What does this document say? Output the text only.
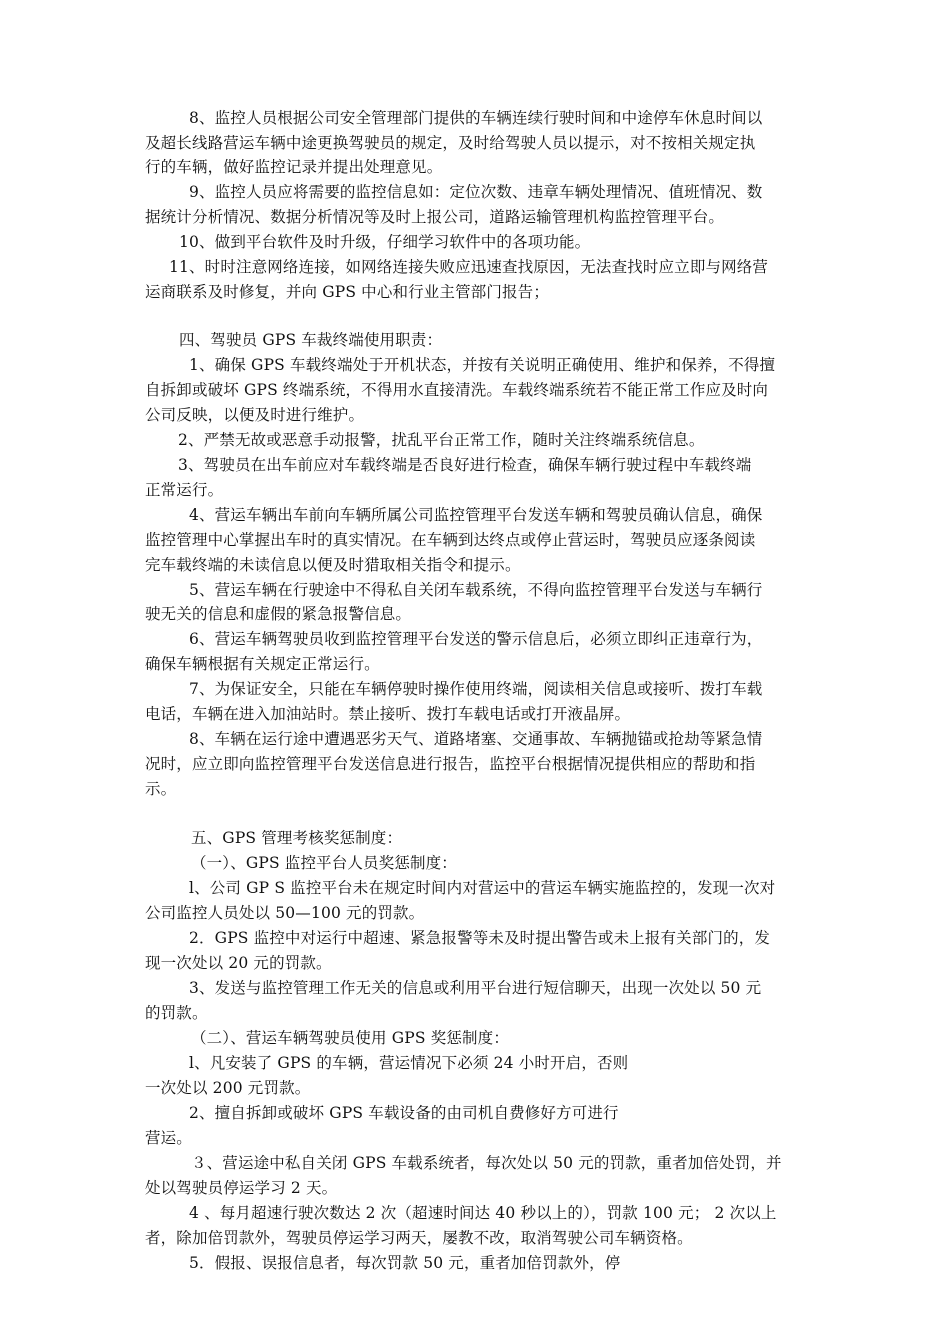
8、监控人员根据公司安全管理部门提供的车辆连续行驶时间和中途停车休息时间以
及超长线路营运车辆中途更换驾驶员的规定，及时给驾驶人员以提示，对不按相关规定执
行的车辆，做好监控记录并提出处理意见。
9、监控人员应将需要的监控信息如：定位次数、违章车辆处理情况、值班情况、数
据统计分析情况、数据分析情况等及时上报公司，道路运输管理机构监控管理平台。
10、做到平台软件及时升级，仔细学习软件中的各项功能。
11、时时注意网络连接，如网络连接失败应迅速查找原因，无法查找时应立即与网络营
运商联系及时修复，并向 GPS 中心和行业主管部门报告；
四、驾驶员 GPS 车裁终端使用职责：
1、确保 GPS 车载终端处于开机状态，并按有关说明正确使用、维护和保养，不得擅
自拆卸或破坏 GPS 终端系统，不得用水直接清洗。车载终端系统若不能正常工作应及时向
公司反映，以便及时进行维护。
2、严禁无故或恶意手动报警，扰乱平台正常工作，随时关注终端系统信息。
3、驾驶员在出车前应对车载终端是否良好进行检查，确保车辆行驶过程中车载终端
正常运行。
4、营运车辆出车前向车辆所属公司监控管理平台发送车辆和驾驶员确认信息，确保
监控管理中心掌握出车时的真实情况。在车辆到达终点或停止营运时，驾驶员应逐条阅读
完车载终端的未读信息以便及时猎取相关指令和提示。
5、营运车辆在行驶途中不得私自关闭车载系统，不得向监控管理平台发送与车辆行
驶无关的信息和虚假的紧急报警信息。
6、营运车辆驾驶员收到监控管理平台发送的警示信息后，必须立即纠正违章行为，
确保车辆根据有关规定正常运行。
7、为保证安全，只能在车辆停驶时操作使用终端，阅读相关信息或接听、拨打车载
电话，车辆在进入加油站时。禁止接听、拨打车载电话或打开液晶屏。
8、车辆在运行途中遭遇恶劣天气、道路堵塞、交通事故、车辆抛锚或抢劫等紧急情
况时，应立即向监控管理平台发送信息进行报告，监控平台根据情况提供相应的帮助和指
示。
五、GPS 管理考核奖惩制度：
（一）、GPS 监控平台人员奖惩制度：
l、公司 GP S 监控平台未在规定时间内对营运中的营运车辆实施监控的，发现一次对
公司监控人员处以 50—100 元的罚款。
2．GPS 监控中对运行中超速、紧急报警等未及时提出警告或未上报有关部门的，发
现一次处以 20 元的罚款。
3、发送与监控管理工作无关的信息或利用平台进行短信聊天，出现一次处以 50 元
的罚款。
（二）、营运车辆驾驶员使用 GPS 奖惩制度：
l、凡安装了 GPS 的车辆，营运情况下必须 24 小时开启，否则
一次处以 200 元罚款。
2、擅自拆卸或破坏 GPS 车载设备的由司机自费修好方可进行
营运。
３、营运途中私自关闭 GPS 车载系统者，每次处以 50 元的罚款，重者加倍处罚，并
处以驾驶员停运学习 2 天。
4 、每月超速行驶次数达 2 次（超速时间达 40 秒以上的），罚款 100 元； 2 次以上
者，除加倍罚款外，驾驶员停运学习两天，屡教不改，取消驾驶公司车辆资格。
5．假报、误报信息者，每次罚款 50 元，重者加倍罚款外，停
